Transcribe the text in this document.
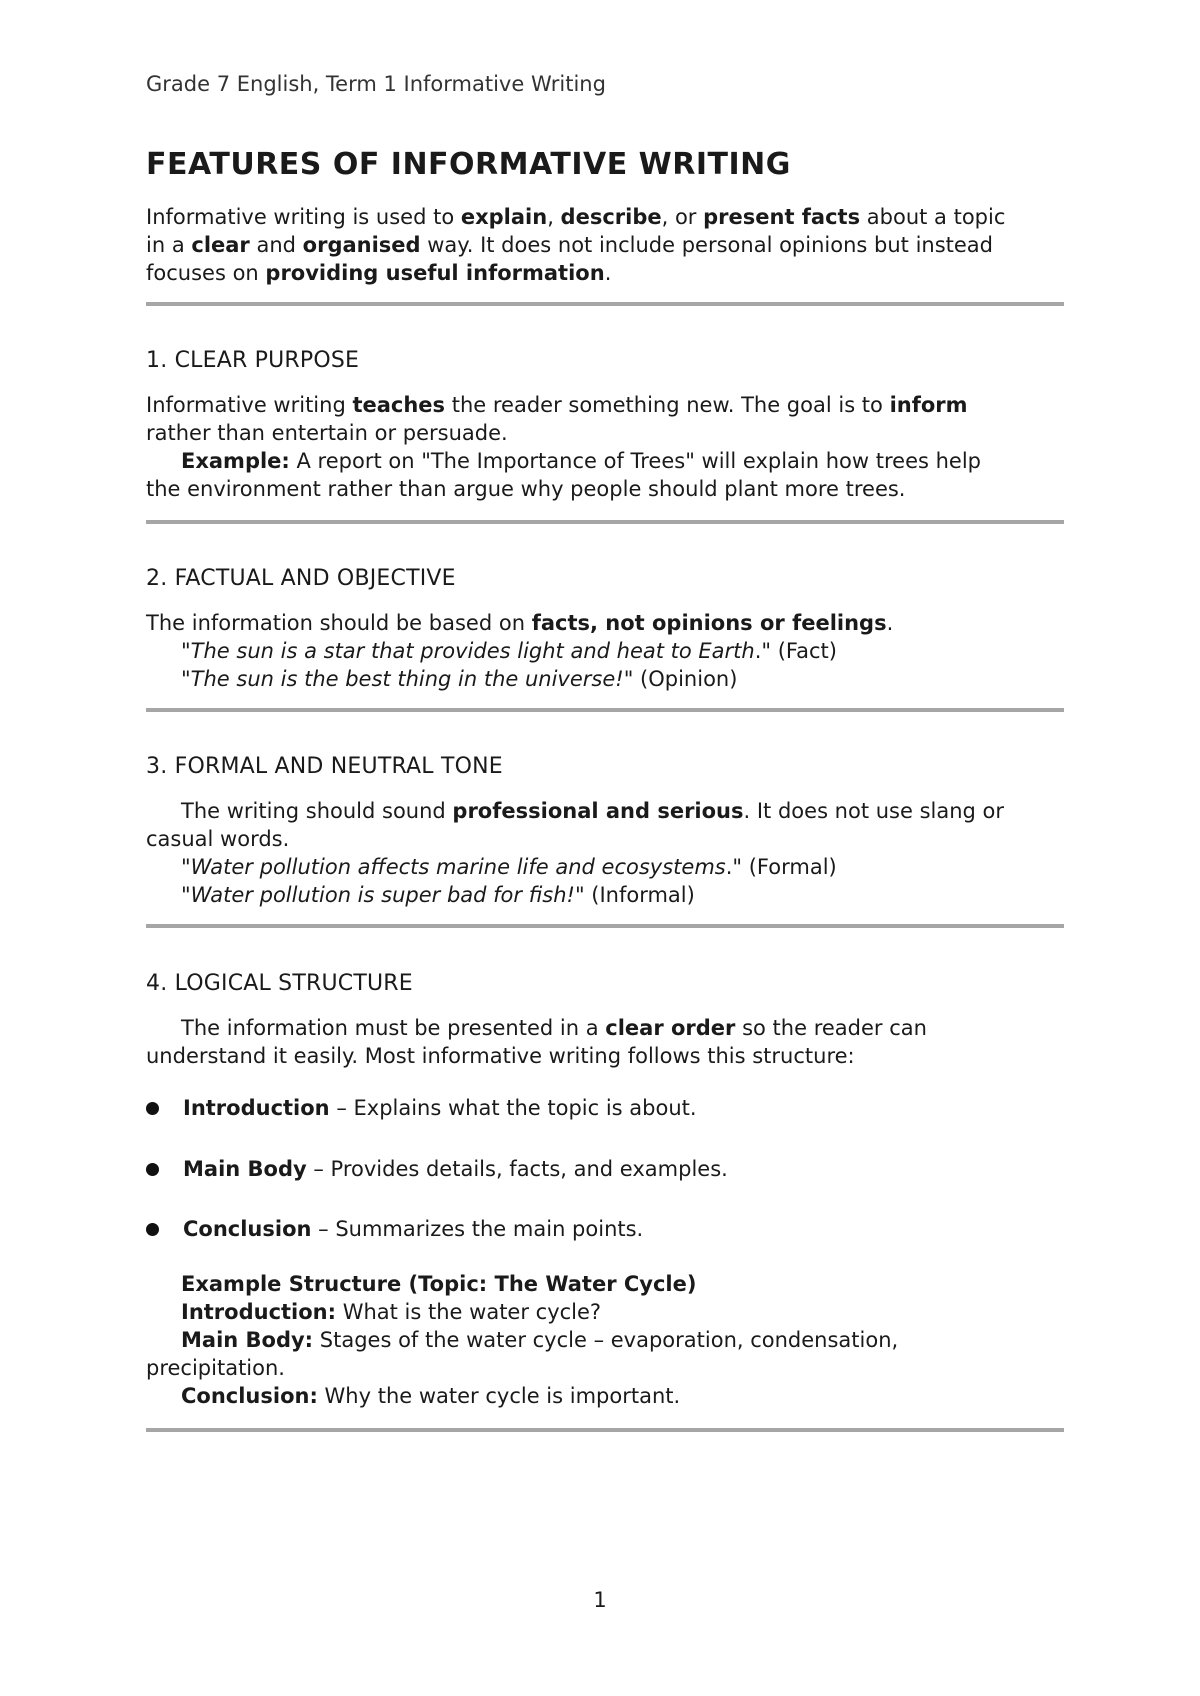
Grade 7 English, Term 1 Informative Writing
FEATURES OF INFORMATIVE WRITING
Informative writing is used to explain, describe, or present facts about a topic
in a clear and organised way. It does not include personal opinions but instead
focuses on providing useful information.
1. CLEAR PURPOSE
Informative writing teaches the reader something new. The goal is to inform
rather than entertain or persuade.
Example: A report on "The Importance of Trees" will explain how trees help
the environment rather than argue why people should plant more trees.
2. FACTUAL AND OBJECTIVE
The information should be based on facts, not opinions or feelings.
"The sun is a star that provides light and heat to Earth." (Fact)
"The sun is the best thing in the universe!" (Opinion)
3. FORMAL AND NEUTRAL TONE
The writing should sound professional and serious. It does not use slang or
casual words.
"Water pollution affects marine life and ecosystems." (Formal)
"Water pollution is super bad for fish!" (Informal)
4. LOGICAL STRUCTURE
The information must be presented in a clear order so the reader can
understand it easily. Most informative writing follows this structure:
Introduction – Explains what the topic is about.
Main Body – Provides details, facts, and examples.
Conclusion – Summarizes the main points.
Example Structure (Topic: The Water Cycle)
Introduction: What is the water cycle?
Main Body: Stages of the water cycle – evaporation, condensation,
precipitation.
Conclusion: Why the water cycle is important.
1
